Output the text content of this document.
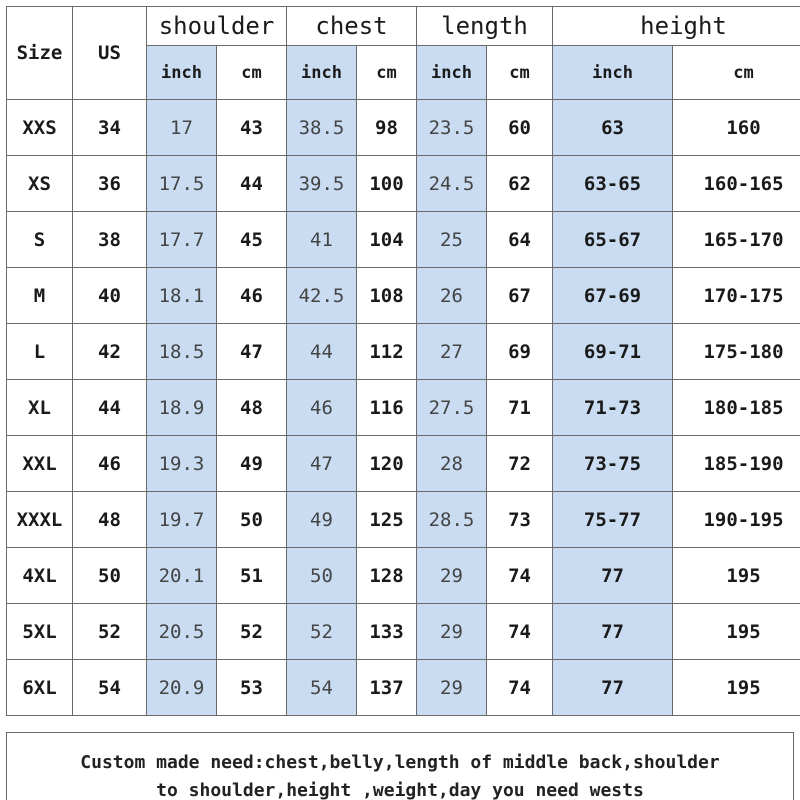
Size	US	shoulder		chest		length		height	
		inch	cm	inch	cm	inch	cm	inch	cm
XXS	34	17	43	38.5	98	23.5	60	63	160
XS	36	17.5	44	39.5	100	24.5	62	63-65	160-165
S	38	17.7	45	41	104	25	64	65-67	165-170
M	40	18.1	46	42.5	108	26	67	67-69	170-175
L	42	18.5	47	44	112	27	69	69-71	175-180
XL	44	18.9	48	46	116	27.5	71	71-73	180-185
XXL	46	19.3	49	47	120	28	72	73-75	185-190
XXXL	48	19.7	50	49	125	28.5	73	75-77	190-195
4XL	50	20.1	51	50	128	29	74	77	195
5XL	52	20.5	52	52	133	29	74	77	195
6XL	54	20.9	53	54	137	29	74	77	195
Custom made need:chest,belly,length of middle back,shoulder
to shoulder,height ,weight,day you need wests
